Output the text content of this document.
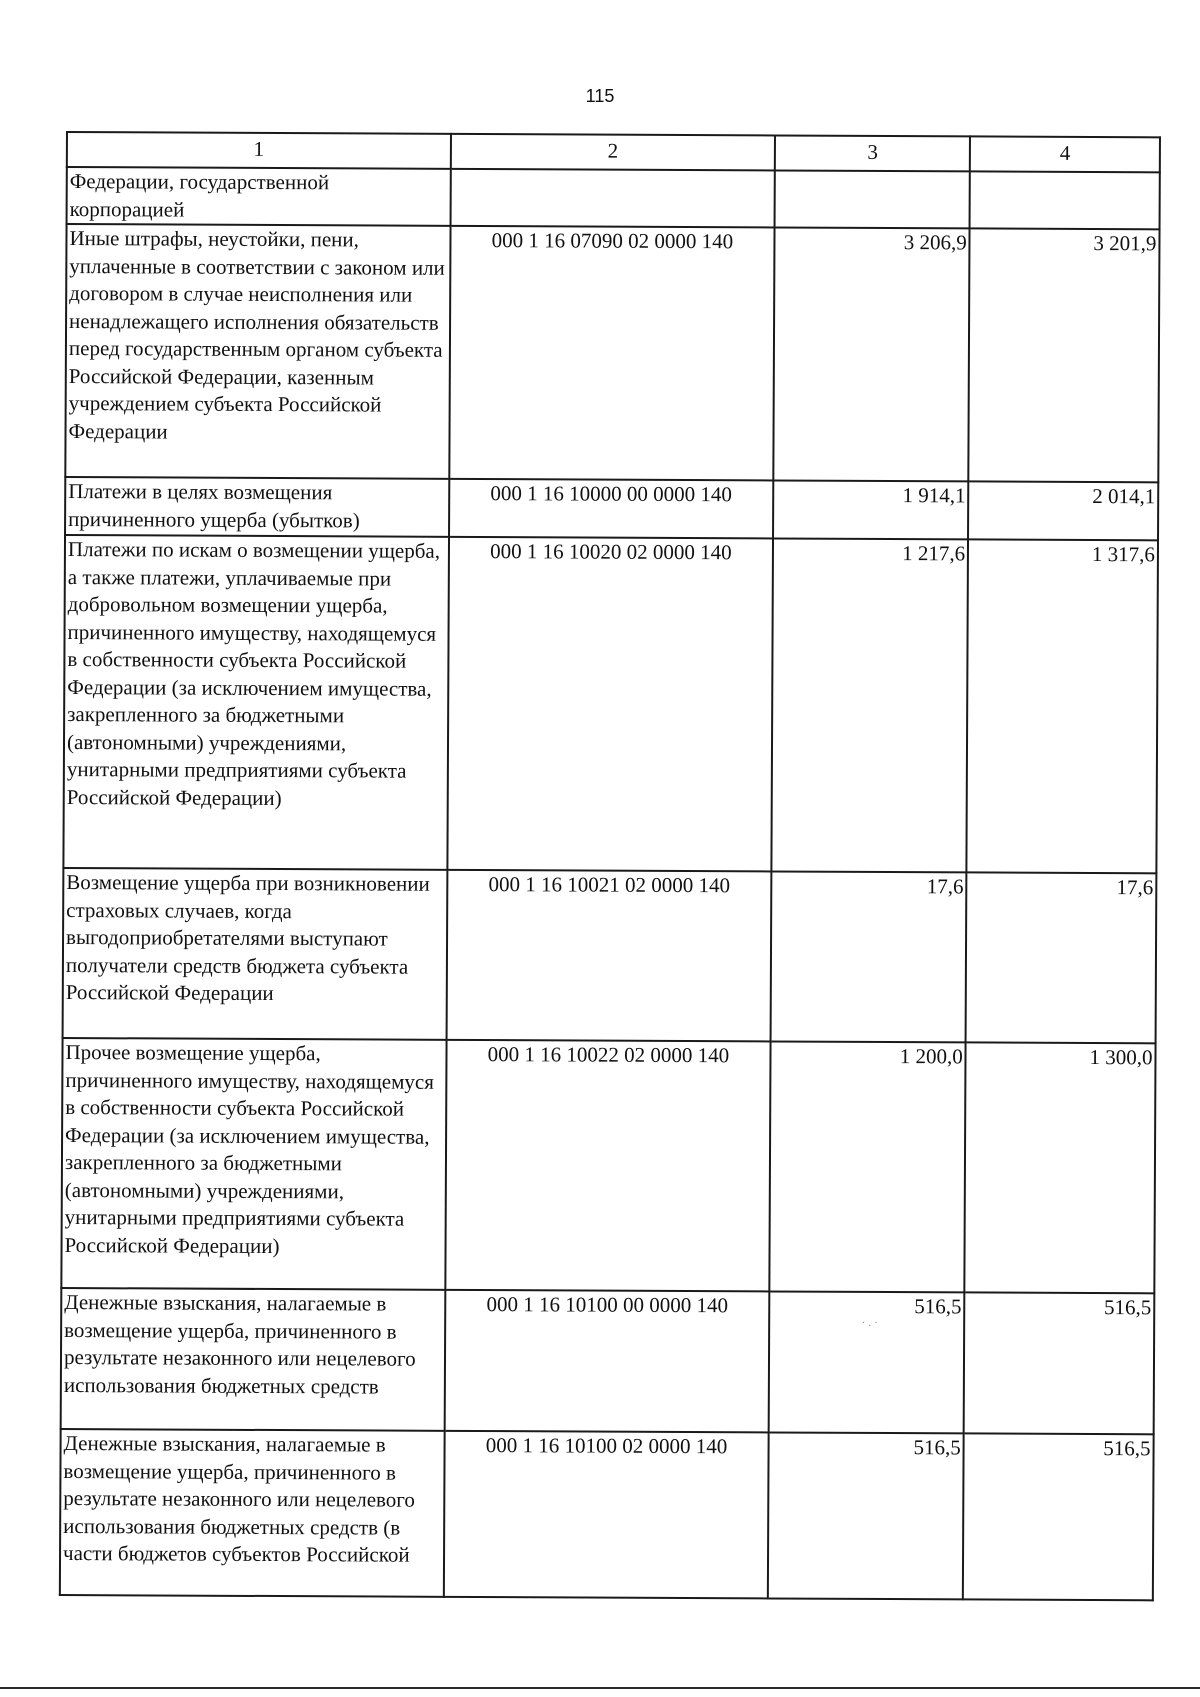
115
1	2	3	4
Федерации, государственной корпорацией			
Иные штрафы, неустойки, пени, уплаченные в соответствии с законом или договором в случае неисполнения или ненадлежащего исполнения обязательств перед государственным органом субъекта Российской Федерации, казенным учреждением субъекта Российской Федерации	000 1 16 07090 02 0000 140	3 206,9	3 201,9
Платежи в целях возмещения причиненного ущерба (убытков)	000 1 16 10000 00 0000 140	1 914,1	2 014,1
Платежи по искам о возмещении ущерба, а также платежи, уплачиваемые при добровольном возмещении ущерба, причиненного имуществу, находящемуся в собственности субъекта Российской Федерации (за исключением имущества, закрепленного за бюджетными (автономными) учреждениями, унитарными предприятиями субъекта Российской Федерации)	000 1 16 10020 02 0000 140	1 217,6	1 317,6
Возмещение ущерба при возникновении страховых случаев, когда выгодоприобретателями выступают получатели средств бюджета субъекта Российской Федерации	000 1 16 10021 02 0000 140	17,6	17,6
Прочее возмещение ущерба, причиненного имуществу, находящемуся в собственности субъекта Российской Федерации (за исключением имущества, закрепленного за бюджетными (автономными) учреждениями, унитарными предприятиями субъекта Российской Федерации)	000 1 16 10022 02 0000 140	1 200,0	1 300,0
Денежные взыскания, налагаемые в возмещение ущерба, причиненного в результате незаконного или нецелевого использования бюджетных средств	000 1 16 10100 00 0000 140	516,5	516,5
Денежные взыскания, налагаемые в возмещение ущерба, причиненного в результате незаконного или нецелевого использования бюджетных средств (в части бюджетов субъектов Российской	000 1 16 10100 02 0000 140	516,5	516,5
·.·
